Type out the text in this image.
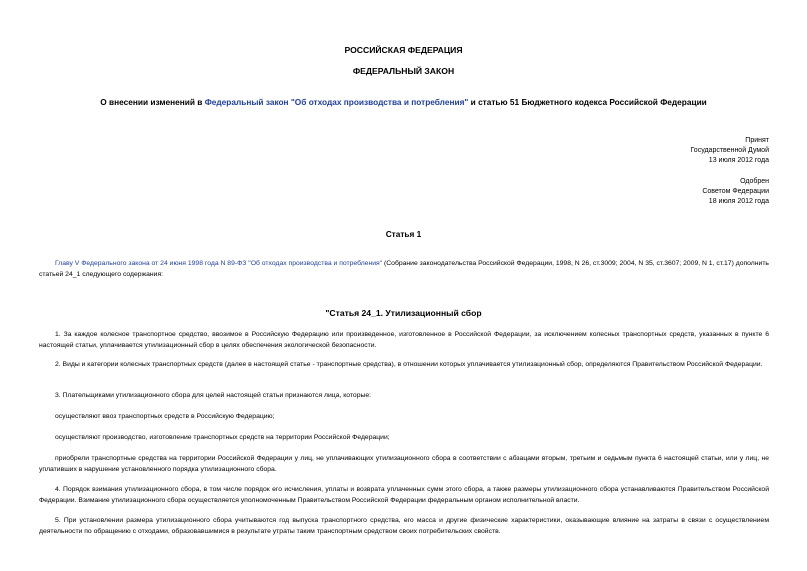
РОССИЙСКАЯ ФЕДЕРАЦИЯ
ФЕДЕРАЛЬНЫЙ ЗАКОН
О внесении изменений в Федеральный закон "Об отходах производства и потребления" и статью 51 Бюджетного кодекса Российской Федерации
Принят
Государственной Думой
13 июля 2012 года
Одобрен
Советом Федерации
18 июля 2012 года
Статья 1
Главу V Федерального закона от 24 июня 1998 года N 89-ФЗ "Об отходах производства и потребления" (Собрание законодательства Российской Федерации, 1998, N 26, ст.3009; 2004, N 35, ст.3607; 2009, N 1, ст.17) дополнить статьей 24_1 следующего содержания:
"Статья 24_1. Утилизационный сбор
1. За каждое колесное транспортное средство, ввозимое в Российскую Федерацию или произведенное, изготовленное в Российской Федерации, за исключением колесных транспортных средств, указанных в пункте 6 настоящей статьи, уплачивается утилизационный сбор в целях обеспечения экологической безопасности.
2. Виды и категории колесных транспортных средств (далее в настоящей статье - транспортные средства), в отношении которых уплачивается утилизационный сбор, определяются Правительством Российской Федерации.
3. Плательщиками утилизационного сбора для целей настоящей статьи признаются лица, которые:
осуществляют ввоз транспортных средств в Российскую Федерацию;
осуществляют производство, изготовление транспортных средств на территории Российской Федерации;
приобрели транспортные средства на территории Российской Федерации у лиц, не уплачивающих утилизационного сбора в соответствии с абзацами вторым, третьим и седьмым пункта 6 настоящей статьи, или у лиц, не уплативших в нарушение установленного порядка утилизационного сбора.
4. Порядок взимания утилизационного сбора, в том числе порядок его исчисления, уплаты и возврата уплаченных сумм этого сбора, а также размеры утилизационного сбора устанавливаются Правительством Российской Федерации. Взимание утилизационного сбора осуществляется уполномоченным Правительством Российской Федерации федеральным органом исполнительной власти.
5. При установлении размера утилизационного сбора учитываются год выпуска транспортного средства, его масса и другие физические характеристики, оказывающие влияние на затраты в связи с осуществлением деятельности по обращению с отходами, образовавшимися в результате утраты таким транспортным средством своих потребительских свойств.
